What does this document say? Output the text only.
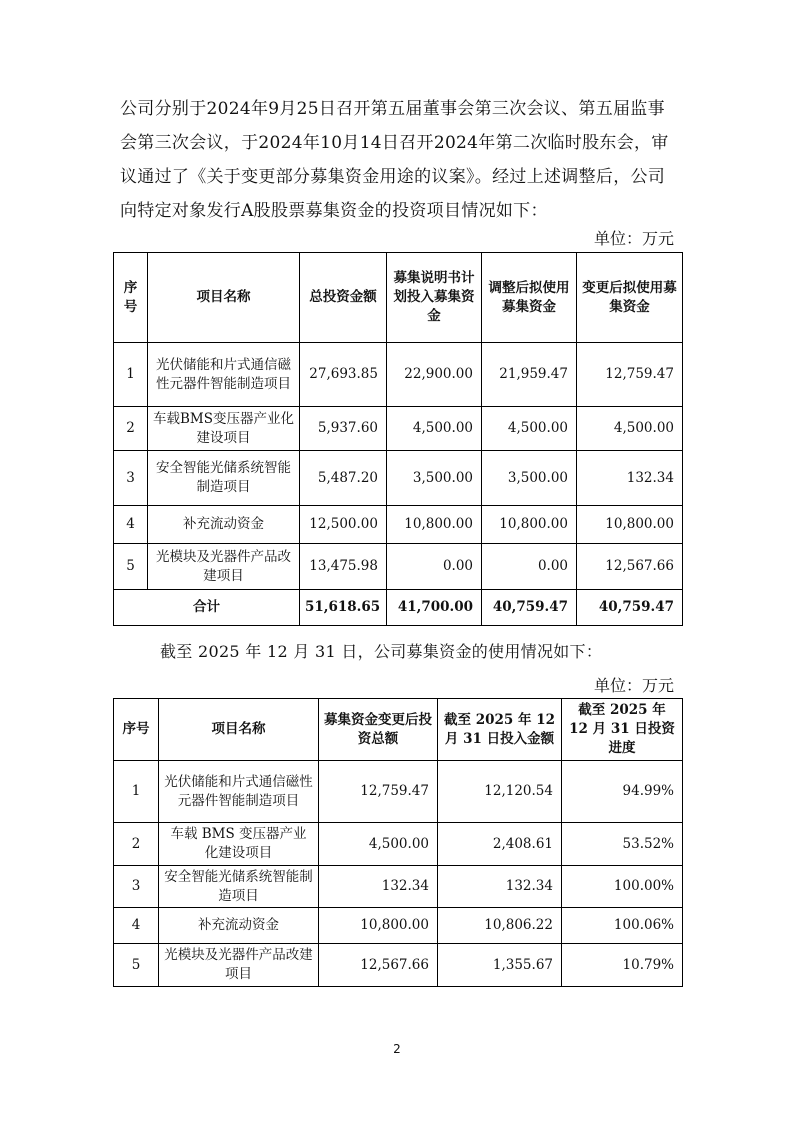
公司分别于2024年9月25日召开第五届董事会第三次会议、第五届监事会第三次会议，于2024年10月14日召开2024年第二次临时股东会，审议通过了《关于变更部分募集资金用途的议案》。经过上述调整后，公司向特定对象发行A股股票募集资金的投资项目情况如下：

单位：万元
序号	项目名称	总投资金额	募集说明书计划投入募集资金	调整后拟使用募集资金	变更后拟使用募集资金
1	光伏储能和片式通信磁性元器件智能制造项目	27,693.85	22,900.00	21,959.47	12,759.47
2	车载BMS变压器产业化建设项目	5,937.60	4,500.00	4,500.00	4,500.00
3	安全智能光储系统智能制造项目	5,487.20	3,500.00	3,500.00	132.34
4	补充流动资金	12,500.00	10,800.00	10,800.00	10,800.00
5	光模块及光器件产品改建项目	13,475.98	0.00	0.00	12,567.66
合计		51,618.65	41,700.00	40,759.47	40,759.47
截至 2025 年 12 月 31 日，公司募集资金的使用情况如下：
单位：万元
序号	项目名称	募集资金变更后投资总额	截至 2025 年 12 月 31 日投入金额	截至 2025 年 12 月 31 日投资进度
1	光伏储能和片式通信磁性元器件智能制造项目	12,759.47	12,120.54	94.99%
2	车载 BMS 变压器产业化建设项目	4,500.00	2,408.61	53.52%
3	安全智能光储系统智能制造项目	132.34	132.34	100.00%
4	补充流动资金	10,800.00	10,806.22	100.06%
5	光模块及光器件产品改建项目	12,567.66	1,355.67	10.79%
2
